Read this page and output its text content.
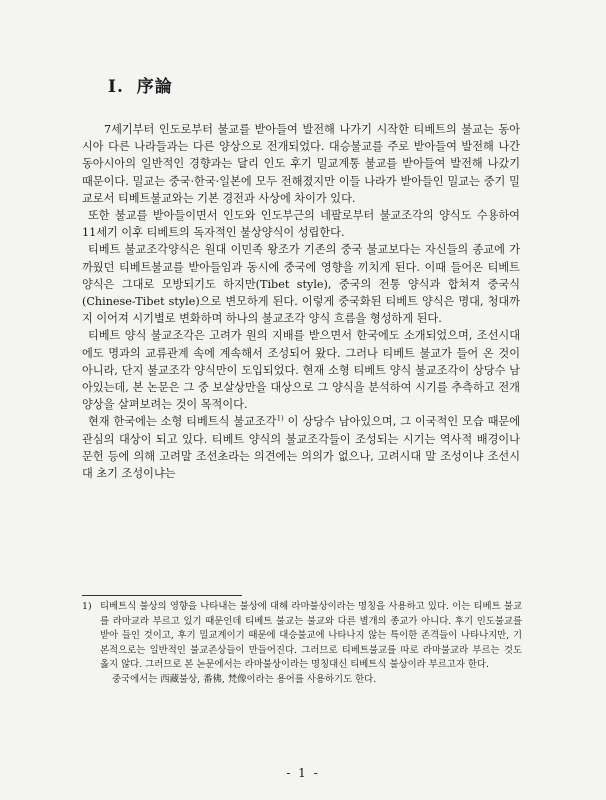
Ⅰ. 序論

7세기부터 인도로부터 불교를 받아들여 발전해 나가기 시작한 티베트의 불교는 동아시아 다른 나라들과는 다른 양상으로 전개되었다. 대승불교를 주로 받아들여 발전해 나간 동아시아의 일반적인 경향과는 달리 인도 후기 밀교계통 불교를 받아들여 발전해 나갔기 때문이다. 밀교는 중국·한국·일본에 모두 전해졌지만 이들 나라가 받아들인 밀교는 중기 밀교로서 티베트불교와는 기본 경전과 사상에 차이가 있다.

또한 불교를 받아들이면서 인도와 인도부근의 네팔로부터 불교조각의 양식도 수용하여 11세기 이후 티베트의 독자적인 불상양식이 성립한다.

티베트 불교조각양식은 원대 이민족 왕조가 기존의 중국 불교보다는 자신들의 종교에 가까웠던 티베트불교를 받아들임과 동시에 중국에 영향을 끼치게 된다. 이때 들어온 티베트 양식은 그대로 모방되기도 하지만(Tibet style), 중국의 전통 양식과 합쳐져 중국식(Chinese-Tibet style)으로 변모하게 된다. 이렇게 중국화된 티베트 양식은 명대, 청대까지 이어져 시기별로 변화하며 하나의 불교조각 양식 흐름을 형성하게 된다.

티베트 양식 불교조각은 고려가 원의 지배를 받으면서 한국에도 소개되었으며, 조선시대에도 명과의 교류관계 속에 계속해서 조성되어 왔다. 그러나 티베트 불교가 들어 온 것이 아니라, 단지 불교조각 양식만이 도입되었다. 현재 소형 티베트 양식 불교조각이 상당수 남아있는데, 본 논문은 그 중 보살상만을 대상으로 그 양식을 분석하여 시기를 추측하고 전개양상을 살펴보려는 것이 목적이다.

현재 한국에는 소형 티베트식 불교조각$^{1)}$ 이 상당수 남아있으며, 그 이국적인 모습 때문에 관심의 대상이 되고 있다. 티베트 양식의 불교조각들이 조성되는 시기는 역사적 배경이나 문헌 등에 의해 고려말 조선초라는 의견에는 의의가 없으나, 고려시대 말 조성이냐 조선시대 초기 조성이냐는

1) 티베트식 불상의 영향을 나타내는 불상에 대해 라마불상이라는 명칭을 사용하고 있다. 이는 티베트 불교를 라마교라 부르고 있기 때문인데 티베트 불교는 불교와 다른 별개의 종교가 아니다. 후기 인도불교를 받아 들인 것이고, 후기 밀교계이기 때문에 대승불교에 나타나지 않는 특이한 존격들이 나타나지만, 기본적으로는 일반적인 불교존상들이 만들어진다. 그러므로 티베트불교를 따로 라마불교라 부르는 것도 옳지 않다. 그러므로 본 논문에서는 라마불상이라는 명칭대신 티베트식 불상이라 부르고자 한다.

중국에서는 西藏불상, 番佛, 梵像이라는 용어를 사용하기도 한다.

- 1 -
